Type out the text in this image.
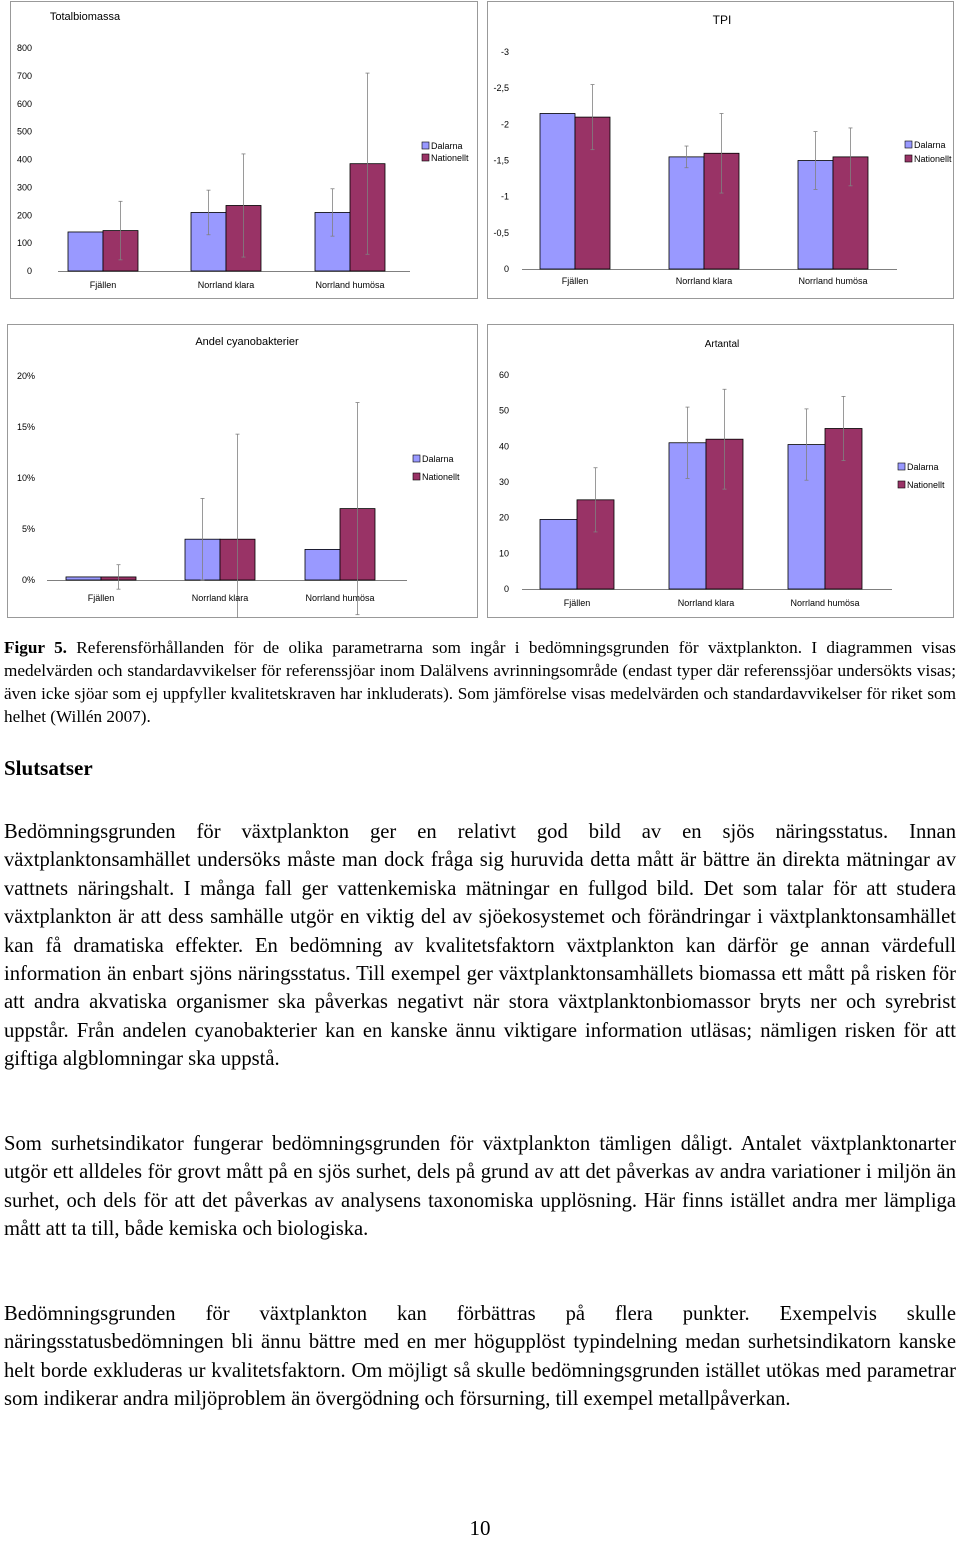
Totalbiomassa
800
700
600
500
400
300
200
100
0
Fjällen	Norrland klara	Norrland humösa
Dalarna
Nationellt
TPI
-3
-2,5
-2
-1,5
-1
-0,5
0
Fjällen	Norrland klara	Norrland humösa
Dalarna
Nationellt
Andel cyanobakterier
20%
15%
10%
5%
0%
Fjällen	Norrland klara	Norrland humösa
Dalarna
Nationellt
Artantal
60
50
40
30
20
10
0
Fjällen	Norrland klara	Norrland humösa
Dalarna
Nationellt
Figur 5. Referensförhållanden för de olika parametrarna som ingår i bedömningsgrunden för växtplankton. I diagrammen visas medelvärden och standardavvikelser för referenssjöar inom Dalälvens avrinningsområde (endast typer där referenssjöar undersökts visas; även icke sjöar som ej uppfyller kvalitetskraven har inkluderats). Som jämförelse visas medelvärden och standardavvikelser för riket som helhet (Willén 2007).
Slutsatser

Bedömningsgrunden för växtplankton ger en relativt god bild av en sjös näringsstatus. Innan växtplanktonsamhället undersöks måste man dock fråga sig huruvida detta mått är bättre än direkta mätningar av vattnets näringshalt. I många fall ger vattenkemiska mätningar en fullgod bild. Det som talar för att studera växtplankton är att dess samhälle utgör en viktig del av sjöekosystemet och förändringar i växtplanktonsamhället kan få dramatiska effekter. En bedömning av kvalitetsfaktorn växtplankton kan därför ge annan värdefull information än enbart sjöns näringsstatus. Till exempel ger växtplanktonsamhällets biomassa ett mått på risken för att andra akvatiska organismer ska påverkas negativt när stora växtplanktonbiomassor bryts ner och syrebrist uppstår. Från andelen cyanobakterier kan en kanske ännu viktigare information utläsas; nämligen risken för att giftiga algblomningar ska uppstå.

Som surhetsindikator fungerar bedömningsgrunden för växtplankton tämligen dåligt. Antalet växtplanktonarter utgör ett alldeles för grovt mått på en sjös surhet, dels på grund av att det påverkas av andra variationer i miljön än surhet, och dels för att det påverkas av analysens taxonomiska upplösning. Här finns istället andra mer lämpliga mått att ta till, både kemiska och biologiska.

Bedömningsgrunden för växtplankton kan förbättras på flera punkter. Exempelvis skulle näringsstatusbedömningen bli ännu bättre med en mer högupplöst typindelning medan surhetsindikatorn kanske helt borde exkluderas ur kvalitetsfaktorn. Om möjligt så skulle bedömningsgrunden istället utökas med parametrar som indikerar andra miljöproblem än övergödning och försurning, till exempel metallpåverkan.

10
